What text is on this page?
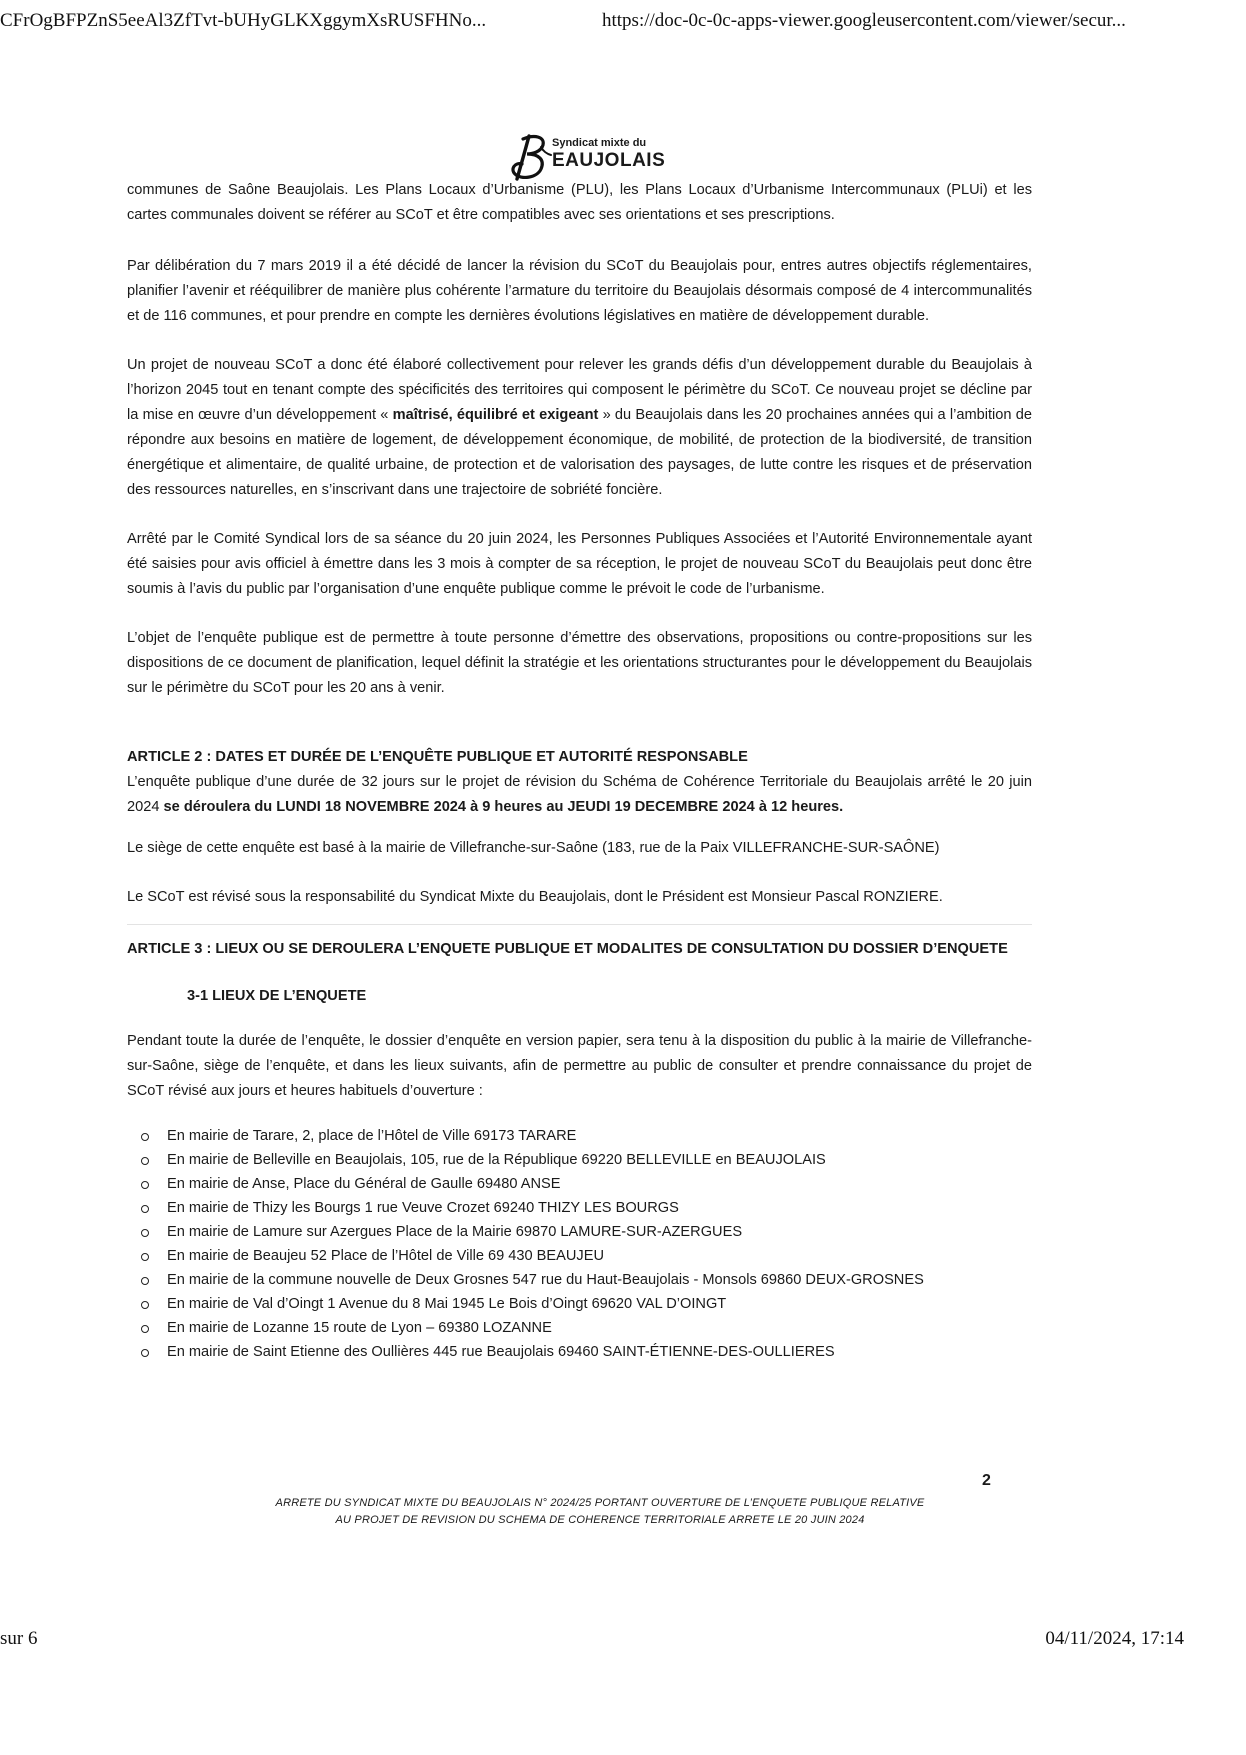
CFrOgBFPZnS5eeAl3ZfTvt-bUHyGLKXggymXsRUSFHNo...	https://doc-0c-0c-apps-viewer.googleusercontent.com/viewer/secur...
Syndicat mixte du
EAUJOLAIS

communes de Saône Beaujolais. Les Plans Locaux d’Urbanisme (PLU), les Plans Locaux d’Urbanisme Intercommunaux (PLUi) et les cartes communales doivent se référer au SCoT et être compatibles avec ses orientations et ses prescriptions.

Par délibération du 7 mars 2019 il a été décidé de lancer la révision du SCoT du Beaujolais pour, entres autres objectifs réglementaires, planifier l’avenir et rééquilibrer de manière plus cohérente l’armature du territoire du Beaujolais désormais composé de 4 intercommunalités et de 116 communes, et pour prendre en compte les dernières évolutions législatives en matière de développement durable.

Un projet de nouveau SCoT a donc été élaboré collectivement pour relever les grands défis d’un développement durable du Beaujolais à l’horizon 2045 tout en tenant compte des spécificités des territoires qui composent le périmètre du SCoT. Ce nouveau projet se décline par la mise en œuvre d’un développement « maîtrisé, équilibré et exigeant » du Beaujolais dans les 20 prochaines années qui a l’ambition de répondre aux besoins en matière de logement, de développement économique, de mobilité, de protection de la biodiversité, de transition énergétique et alimentaire, de qualité urbaine, de protection et de valorisation des paysages, de lutte contre les risques et de préservation des ressources naturelles, en s’inscrivant dans une trajectoire de sobriété foncière.

Arrêté par le Comité Syndical lors de sa séance du 20 juin 2024, les Personnes Publiques Associées et l’Autorité Environnementale ayant été saisies pour avis officiel à émettre dans les 3 mois à compter de sa réception, le projet de nouveau SCoT du Beaujolais peut donc être soumis à l’avis du public par l’organisation d’une enquête publique comme le prévoit le code de l’urbanisme.

L’objet de l’enquête publique est de permettre à toute personne d’émettre des observations, propositions ou contre-propositions sur les dispositions de ce document de planification, lequel définit la stratégie et les orientations structurantes pour le développement du Beaujolais sur le périmètre du SCoT pour les 20 ans à venir.

ARTICLE 2 : DATES ET DURÉE DE L’ENQUÊTE PUBLIQUE ET AUTORITÉ RESPONSABLE

L’enquête publique d’une durée de 32 jours sur le projet de révision du Schéma de Cohérence Territoriale du Beaujolais arrêté le 20 juin 2024 se déroulera du LUNDI 18 NOVEMBRE 2024 à 9 heures au JEUDI 19 DECEMBRE 2024 à 12 heures.

Le siège de cette enquête est basé à la mairie de Villefranche-sur-Saône (183, rue de la Paix VILLEFRANCHE-SUR-SAÔNE)

Le SCoT est révisé sous la responsabilité du Syndicat Mixte du Beaujolais, dont le Président est Monsieur Pascal RONZIERE.

ARTICLE 3 : LIEUX OU SE DEROULERA L’ENQUETE PUBLIQUE ET MODALITES DE CONSULTATION DU DOSSIER D’ENQUETE
3-1 LIEUX DE L’ENQUETE

Pendant toute la durée de l’enquête, le dossier d’enquête en version papier, sera tenu à la disposition du public à la mairie de Villefranche-sur-Saône, siège de l’enquête, et dans les lieux suivants, afin de permettre au public de consulter et prendre connaissance du projet de SCoT révisé aux jours et heures habituels d’ouverture :

En mairie de Tarare, 2, place de l’Hôtel de Ville 69173 TARARE
En mairie de Belleville en Beaujolais, 105, rue de la République 69220 BELLEVILLE en BEAUJOLAIS
En mairie de Anse, Place du Général de Gaulle 69480 ANSE
En mairie de Thizy les Bourgs 1 rue Veuve Crozet 69240 THIZY LES BOURGS
En mairie de Lamure sur Azergues Place de la Mairie 69870 LAMURE-SUR-AZERGUES
En mairie de Beaujeu 52 Place de l’Hôtel de Ville 69 430 BEAUJEU
En mairie de la commune nouvelle de Deux Grosnes 547 rue du Haut-Beaujolais - Monsols 69860 DEUX-GROSNES
En mairie de Val d’Oingt 1 Avenue du 8 Mai 1945 Le Bois d’Oingt 69620 VAL D’OINGT
En mairie de Lozanne 15 route de Lyon – 69380 LOZANNE
En mairie de Saint Etienne des Oullières 445 rue Beaujolais 69460 SAINT-ÉTIENNE-DES-OULLIERES
2
ARRETE DU SYNDICAT MIXTE DU BEAUJOLAIS N° 2024/25 PORTANT OUVERTURE DE L’ENQUETE PUBLIQUE RELATIVE
AU PROJET DE REVISION DU SCHEMA DE COHERENCE TERRITORIALE ARRETE LE 20 JUIN 2024
sur 6	04/11/2024, 17:14
